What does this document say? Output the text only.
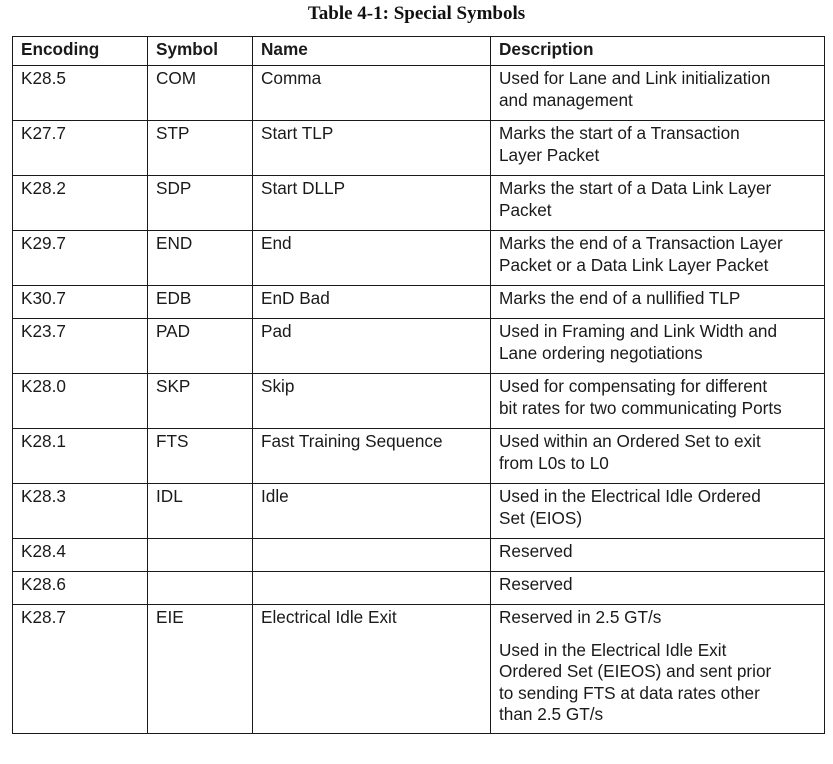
Table 4-1: Special Symbols
Encoding	Symbol	Name	Description
K28.5	COM	Comma	Used for Lane and Link initialization
and management

K27.7	STP	Start TLP	Marks the start of a Transaction
Layer Packet

K28.2	SDP	Start DLLP	Marks the start of a Data Link Layer
Packet

K29.7	END	End	Marks the end of a Transaction Layer
Packet or a Data Link Layer Packet

K30.7	EDB	EnD Bad	Marks the end of a nullified TLP

K23.7	PAD	Pad	Used in Framing and Link Width and
Lane ordering negotiations

K28.0	SKP	Skip	Used for compensating for different
bit rates for two communicating Ports

K28.1	FTS	Fast Training Sequence	Used within an Ordered Set to exit
from L0s to L0

K28.3	IDL	Idle	Used in the Electrical Idle Ordered
Set (EIOS)

K28.4			Reserved

K28.6			Reserved

K28.7	EIE	Electrical Idle Exit	Reserved in 2.5 GT/s
Used in the Electrical Idle Exit
Ordered Set (EIEOS) and sent prior
to sending FTS at data rates other
than 2.5 GT/s
